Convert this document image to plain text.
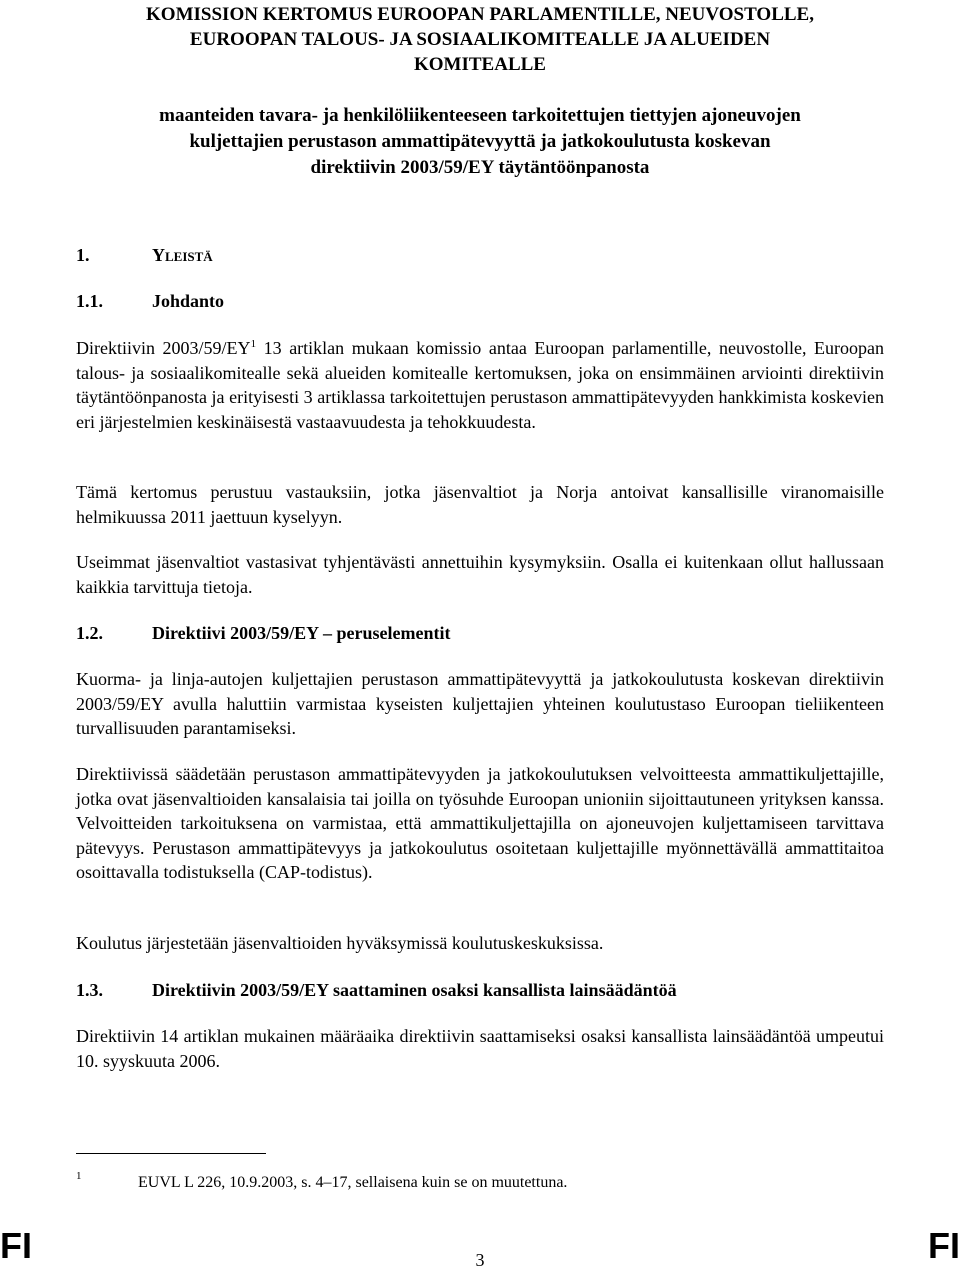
KOMISSION KERTOMUS EUROOPAN PARLAMENTILLE, NEUVOSTOLLE,
EUROOPAN TALOUS- JA SOSIAALIKOMITEALLE JA ALUEIDEN
KOMITEALLE
maanteiden tavara- ja henkilöliikenteeseen tarkoitettujen tiettyjen ajoneuvojen
kuljettajien perustason ammattipätevyyttä ja jatkokoulutusta koskevan
direktiivin 2003/59/EY täytäntöönpanosta
1.	Yleistä
1.1.	Johdanto

Direktiivin $2003/59/EY^1$ 13 artiklan mukaan komissio antaa Euroopan parlamentille, neuvostolle, Euroopan talous- ja sosiaalikomitealle sekä alueiden komitealle kertomuksen, joka on ensimmäinen arviointi direktiivin täytäntöönpanosta ja erityisesti 3 artiklassa tarkoitettujen perustason ammattipätevyyden hankkimista koskevien eri järjestelmien keskinäisestä vastaavuudesta ja tehokkuudesta.

Tämä kertomus perustuu vastauksiin, jotka jäsenvaltiot ja Norja antoivat kansallisille viranomaisille helmikuussa 2011 jaettuun kyselyyn.

Useimmat jäsenvaltiot vastasivat tyhjentävästi annettuihin kysymyksiin. Osalla ei kuitenkaan ollut hallussaan kaikkia tarvittuja tietoja.

1.2.	Direktiivi 2003/59/EY – peruselementit

Kuorma- ja linja-autojen kuljettajien perustason ammattipätevyyttä ja jatkokoulutusta koskevan direktiivin 2003/59/EY avulla haluttiin varmistaa kyseisten kuljettajien yhteinen koulutustaso Euroopan tieliikenteen turvallisuuden parantamiseksi.

Direktiivissä säädetään perustason ammattipätevyyden ja jatkokoulutuksen velvoitteesta ammattikuljettajille, jotka ovat jäsenvaltioiden kansalaisia tai joilla on työsuhde Euroopan unioniin sijoittautuneen yrityksen kanssa. Velvoitteiden tarkoituksena on varmistaa, että ammattikuljettajilla on ajoneuvojen kuljettamiseen tarvittava pätevyys. Perustason ammattipätevyys ja jatkokoulutus osoitetaan kuljettajille myönnettävällä ammattitaitoa osoittavalla todistuksella (CAP-todistus).

Koulutus järjestetään jäsenvaltioiden hyväksymissä koulutuskeskuksissa.

1.3.	Direktiivin 2003/59/EY saattaminen osaksi kansallista lainsäädäntöä

Direktiivin 14 artiklan mukainen määräaika direktiivin saattamiseksi osaksi kansallista lainsäädäntöä umpeutui 10. syyskuuta 2006.

1	EUVL L 226, 10.9.2003, s. 4–17, sellaisena kuin se on muutettuna.
FI	3	FI
